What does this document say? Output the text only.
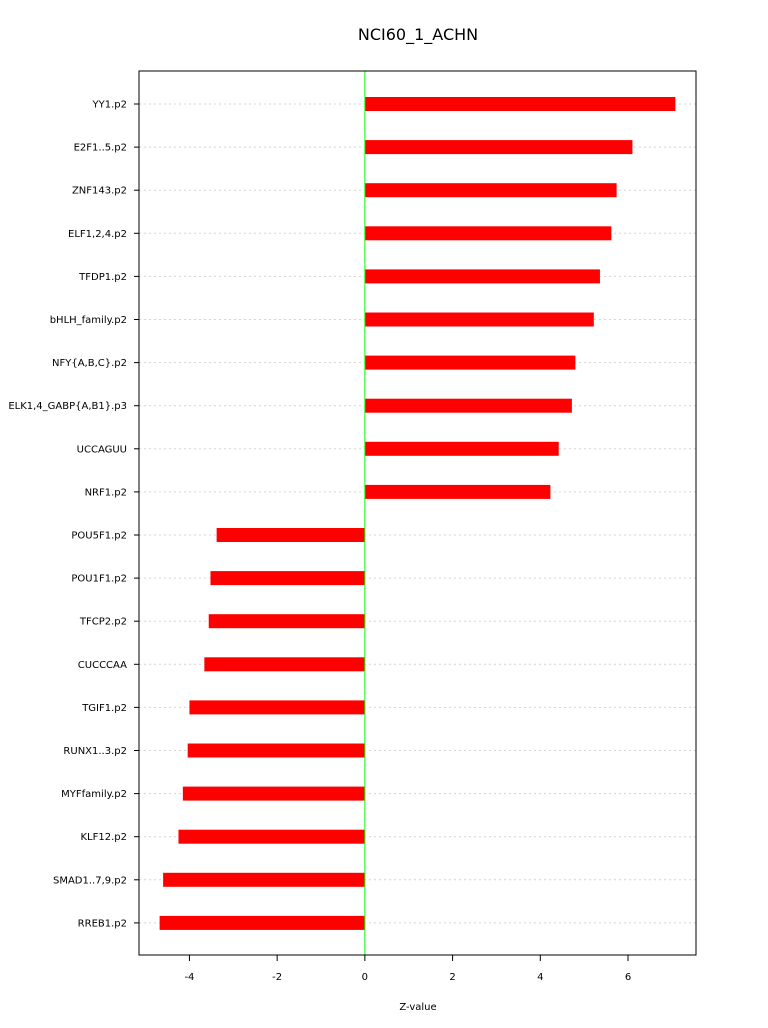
NCI60_1_ACHN
YY1.p2
E2F1..5.p2
ZNF143.p2
ELF1,2,4.p2
TFDP1.p2
bHLH_family.p2
NFY{A,B,C}.p2
ELK1,4_GABP{A,B1}.p3
UCCAGUU
NRF1.p2
POU5F1.p2
POU1F1.p2
TFCP2.p2
CUCCCAA
TGIF1.p2
RUNX1..3.p2
MYFfamily.p2
KLF12.p2
SMAD1..7,9.p2
RREB1.p2
-4	-2	0	2	4	6
Z-value
